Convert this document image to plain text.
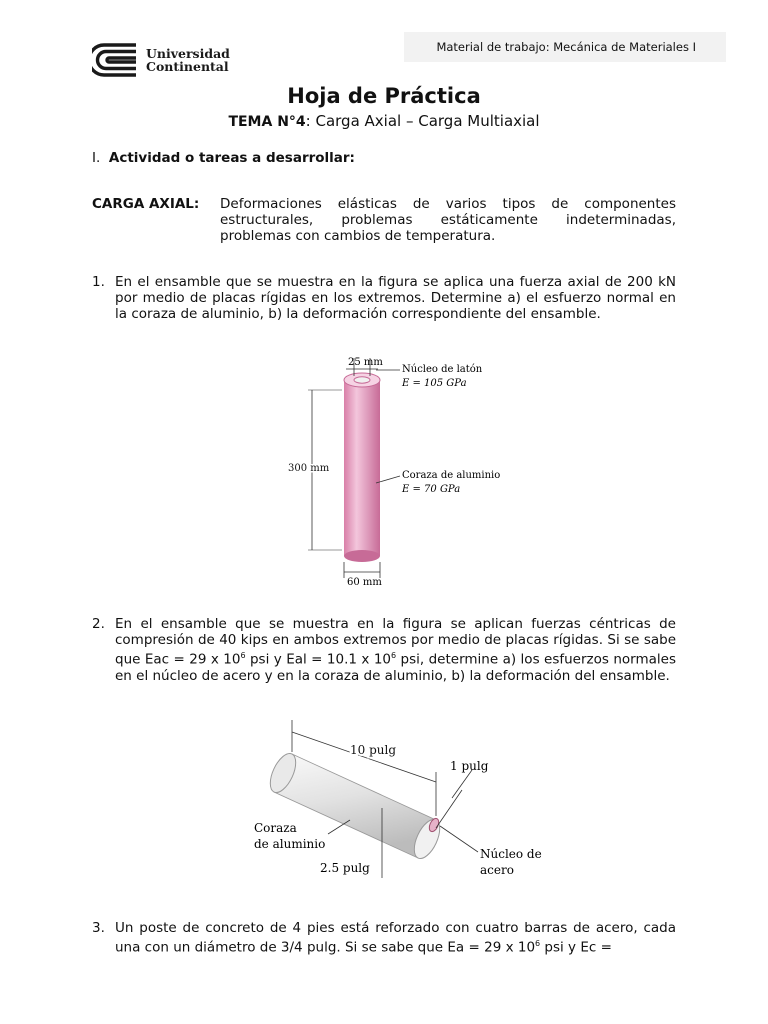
Material de trabajo: Mecánica de Materiales I
Universidad
Continental
Hoja de Práctica
TEMA N°4: Carga Axial – Carga Multiaxial
I. Actividad o tareas a desarrollar:
CARGA AXIAL: Deformaciones elásticas de varios tipos de componentes estructurales, problemas estáticamente indeterminadas, problemas con cambios de temperatura.
1. En el ensamble que se muestra en la figura se aplica una fuerza axial de 200 kN por medio de placas rígidas en los extremos. Determine a) el esfuerzo normal en la coraza de aluminio, b) la deformación correspondiente del ensamble.
25 mm
Núcleo de latón
E = 105 GPa
300 mm
Coraza de aluminio
E = 70 GPa
60 mm
2. En el ensamble que se muestra en la figura se aplican fuerzas céntricas de compresión de 40 kips en ambos extremos por medio de placas rígidas. Si se sabe que Eac = 29 x $10^6$ psi y Eal = 10.1 x $10^6$ psi, determine a) los esfuerzos normales en el núcleo de acero y en la coraza de aluminio, b) la deformación del ensamble.
10 pulg
1 pulg
Coraza
de aluminio
2.5 pulg
Núcleo de
acero
3. Un poste de concreto de 4 pies está reforzado con cuatro barras de acero, cada una con un diámetro de 3/4 pulg. Si se sabe que Ea = 29 x $10^6$ psi y Ec =
